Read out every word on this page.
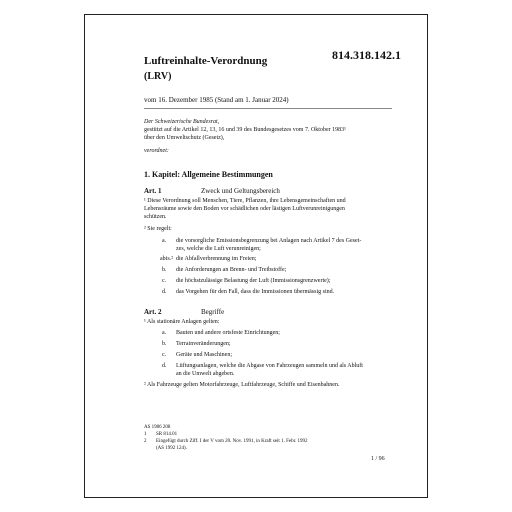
Luftreinhalte-Verordnung
(LRV)
814.318.142.1
vom 16. Dezember 1985 (Stand am 1. Januar 2024)
Der Schweizerische Bundesrat,
gestützt auf die Artikel 12, 13, 16 und 39 des Bundesgesetzes vom 7. Oktober 1983¹
über den Umweltschutz (Gesetz),
verordnet:
1. Kapitel: Allgemeine Bestimmungen
Art. 1	Zweck und Geltungsbereich
¹ Diese Verordnung soll Menschen, Tiere, Pflanzen, ihre Lebensgemeinschaften und
Lebensräume sowie den Boden vor schädlichen oder lästigen Luftverunreinigungen
schützen.
² Sie regelt:
a. die vorsorgliche Emissionsbegrenzung bei Anlagen nach Artikel 7 des Geset-
zes, welche die Luft verunreinigen;
abis.² die Abfallverbrennung im Freien;
b. die Anforderungen an Brenn- und Treibstoffe;
c. die höchstzulässige Belastung der Luft (Immissionsgrenzwerte);
d. das Vorgehen für den Fall, dass die Immissionen übermässig sind.
Art. 2	Begriffe
¹ Als stationäre Anlagen gelten:
a. Bauten und andere ortsfeste Einrichtungen;
b. Terrainveränderungen;
c. Geräte und Maschinen;
d. Lüftungsanlagen, welche die Abgase von Fahrzeugen sammeln und als Abluft
an die Umwelt abgeben.
² Als Fahrzeuge gelten Motorfahrzeuge, Luftfahrzeuge, Schiffe und Eisenbahnen.
AS 1986 208
1 SR 814.01
2 Eingefügt durch Ziff. I der V vom 20. Nov. 1991, in Kraft seit 1. Febr. 1992
(AS 1992 124).
1 / 96
